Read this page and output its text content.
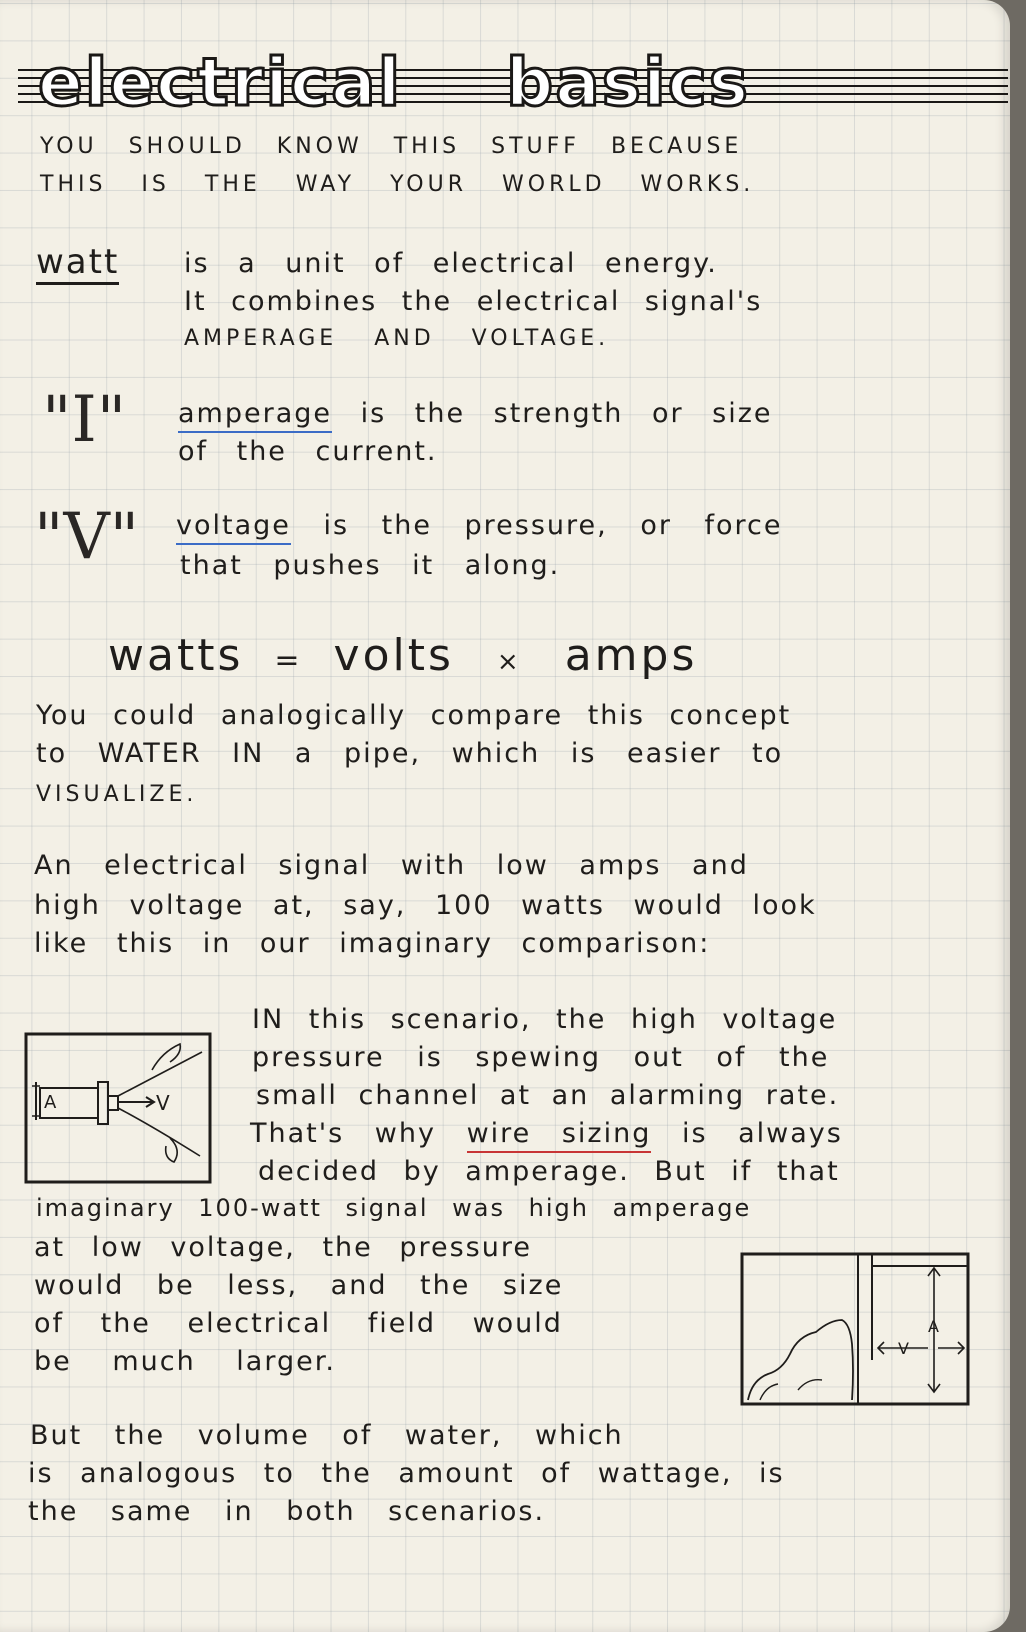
electrical basics
YOU SHOULD KNOW THIS STUFF BECAUSE
THIS IS THE WAY YOUR WORLD WORKS.
watt is a unit of electrical energy.
It combines the electrical signal's
AMPERAGE AND VOLTAGE.
"I" amperage is the strength or size
of the current.
"V" voltage is the pressure, or force
that pushes it along.
watts = volts × amps
You could analogically compare this concept
to WATER IN a pipe, which is easier to
VISUALIZE.
An electrical signal with low amps and
high voltage at, say, 100 watts would look
like this in our imaginary comparison:
A	V
IN this scenario, the high voltage
pressure is spewing out of the
small channel at an alarming rate.
That's why wire sizing is always
decided by amperage. But if that
imaginary 100-watt signal was high amperage
at low voltage, the pressure
would be less, and the size
of the electrical field would
be much larger.
A
V
But the volume of water, which
is analogous to the amount of wattage, is
the same in both scenarios.
